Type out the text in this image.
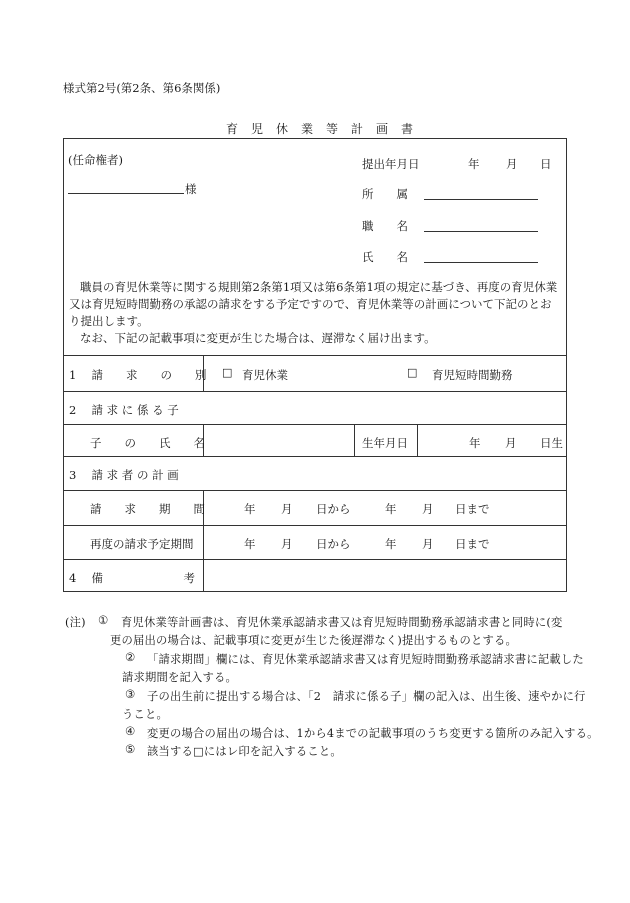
様式第2号(第2条、第6条関係)
育児休業等計画書
(任命権者)
様
提出年月日	年 月 日
所　　属
職　　名
氏　　名
職員の育児休業等に関する規則第2条第1項又は第6条第1項の規定に基づき、再度の育児休業
又は育児短時間勤務の承認の請求をする予定ですので、育児休業等の計画について下記のとお
り提出します。
なお、下記の記載事項に変更が生じた場合は、遅滞なく届け出ます。
1　 請　　求　　の　　別 □ 育児休業	□ 育児短時間勤務
2　 請 求 に 係 る 子
子　　の　　氏　　名	生年月日	年 月 日生
3　 請 求 者 の 計 画
請　　求　　期　　間	年 月 日から	年 月 日まで
再度の請求予定期間	年 月 日から	年 月 日まで
4　 備　　　　　　　考
(注) ① 育児休業等計画書は、育児休業承認請求書又は育児短時間勤務承認請求書と同時に(変
更の届出の場合は、記載事項に変更が生じた後遅滞なく)提出するものとする。
② 「請求期間」欄には、育児休業承認請求書又は育児短時間勤務承認請求書に記載した
請求期間を記入する。
③ 子の出生前に提出する場合は、「2　請求に係る子」欄の記入は、出生後、速やかに行
うこと。
④ 変更の場合の届出の場合は、1から4までの記載事項のうち変更する箇所のみ記入する。
⑤ 該当する□にはレ印を記入すること。
